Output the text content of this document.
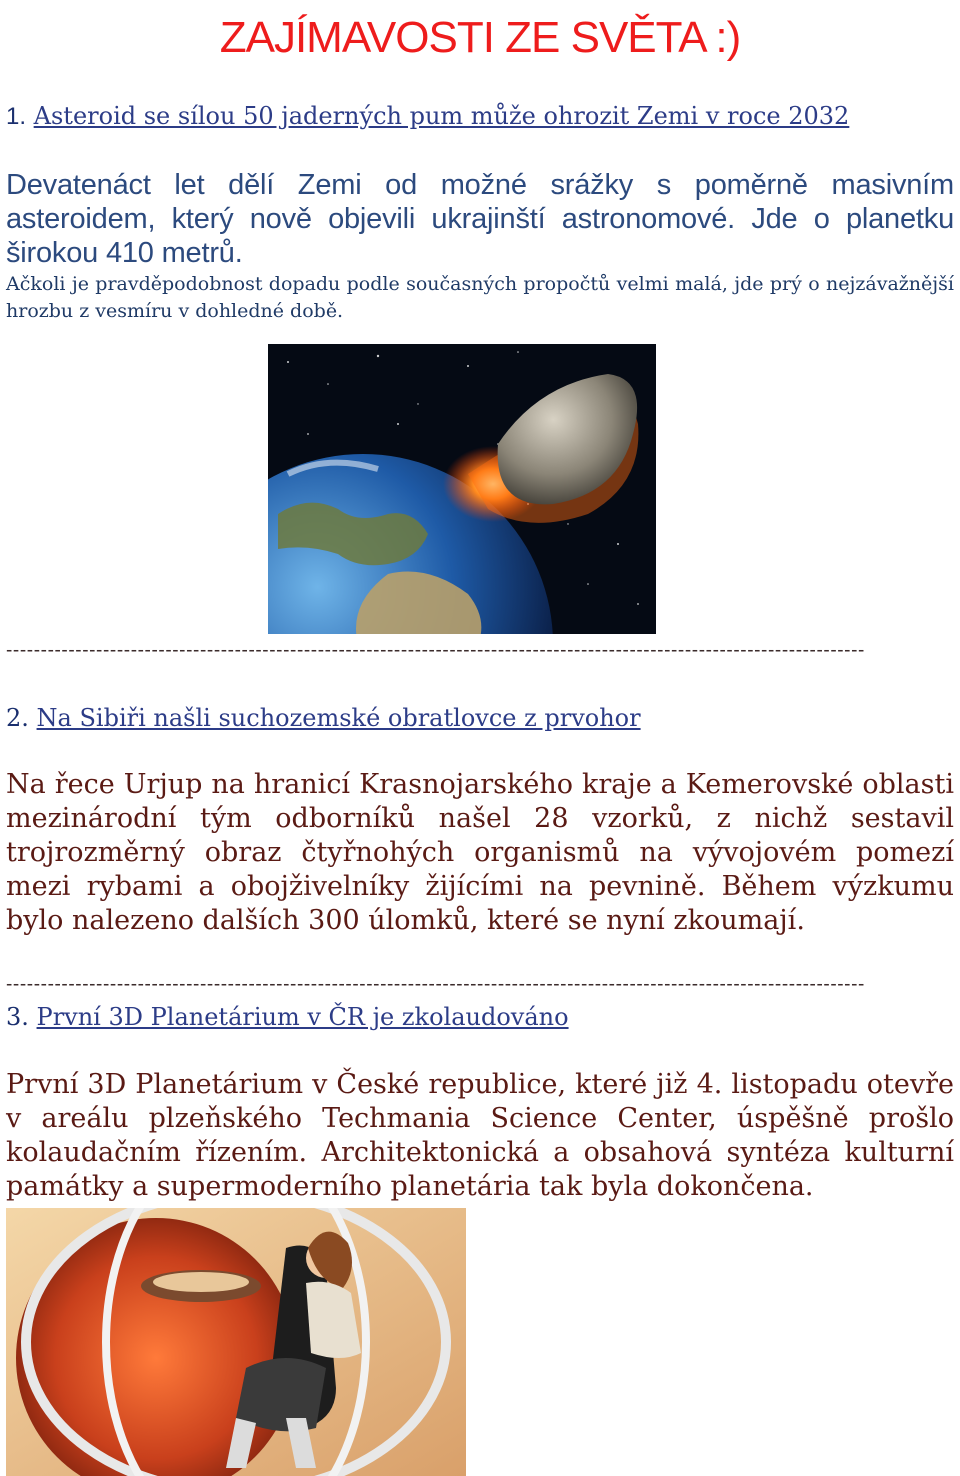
ZAJÍMAVOSTI ZE SVĚTA :)

1. Asteroid se sílou 50 jaderných pum může ohrozit Zemi v roce 2032

Devatenáct let dělí Zemi od možné srážky s poměrně masivním asteroidem, který nově objevili ukrajinští astronomové. Jde o planetku širokou 410 metrů.

Ačkoli je pravděpodobnost dopadu podle současných propočtů velmi malá, jde prý o nejzávažnější hrozbu z vesmíru v dohledné době.

----------------------------------------------------------------------------------------------------------------------------

2. Na Sibiři našli suchozemské obratlovce z prvohor

Na řece Urjup na hranicí Krasnojarského kraje a Kemerovské oblasti mezinárodní tým odborníků našel 28 vzorků, z nichž sestavil trojrozměrný obraz čtyřnohých organismů na vývojovém pomezí mezi rybami a obojživelníky žijícími na pevnině. Během výzkumu bylo nalezeno dalších 300 úlomků, které se nyní zkoumají.

----------------------------------------------------------------------------------------------------------------------------

3. První 3D Planetárium v ČR je zkolaudováno

První 3D Planetárium v České republice, které již 4. listopadu otevře v areálu plzeňského Techmania Science Center, úspěšně prošlo kolaudačním řízením. Architektonická a obsahová syntéza kulturní památky a supermoderního planetária tak byla dokončena.
